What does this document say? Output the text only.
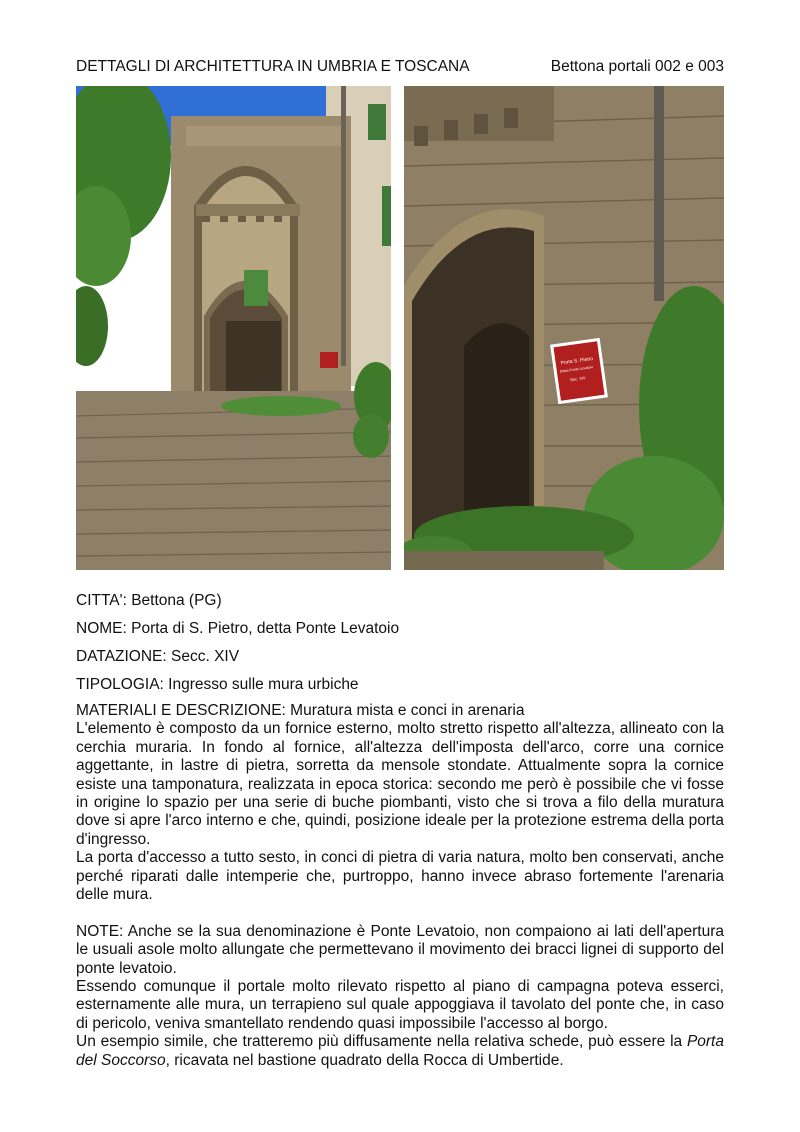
DETTAGLI DI ARCHITETTURA IN UMBRIA E TOSCANA	Bettona portali 002 e 003
Porta S. Pietro
Detta Ponte Levatoio
Sec. XIV
CITTA': Bettona (PG)
NOME: Porta di S. Pietro, detta Ponte Levatoio
DATAZIONE: Secc. XIV
TIPOLOGIA: Ingresso sulle mura urbiche

MATERIALI E DESCRIZIONE: Muratura mista e conci in arenaria

L'elemento è composto da un fornice esterno, molto stretto rispetto all'altezza, allineato con la cerchia muraria. In fondo al fornice, all'altezza dell'imposta dell'arco, corre una cornice aggettante, in lastre di pietra, sorretta da mensole stondate. Attualmente sopra la cornice esiste una tamponatura, realizzata in epoca storica: secondo me però è possibile che vi fosse in origine lo spazio per una serie di buche piombanti, visto che si trova a filo della muratura dove si apre l'arco interno e che, quindi, posizione ideale per la protezione estrema della porta d'ingresso.

La porta d'accesso a tutto sesto, in conci di pietra di varia natura, molto ben conservati, anche perché riparati dalle intemperie che, purtroppo, hanno invece abraso fortemente l'arenaria delle mura.

NOTE: Anche se la sua denominazione è Ponte Levatoio, non compaiono ai lati dell'apertura le usuali asole molto allungate che permettevano il movimento dei bracci lignei di supporto del ponte levatoio.

Essendo comunque il portale molto rilevato rispetto al piano di campagna poteva esserci, esternamente alle mura, un terrapieno sul quale appoggiava il tavolato del ponte che, in caso di pericolo, veniva smantellato rendendo quasi impossibile l'accesso al borgo.

Un esempio simile, che tratteremo più diffusamente nella relativa schede, può essere la Porta del Soccorso, ricavata nel bastione quadrato della Rocca di Umbertide.
